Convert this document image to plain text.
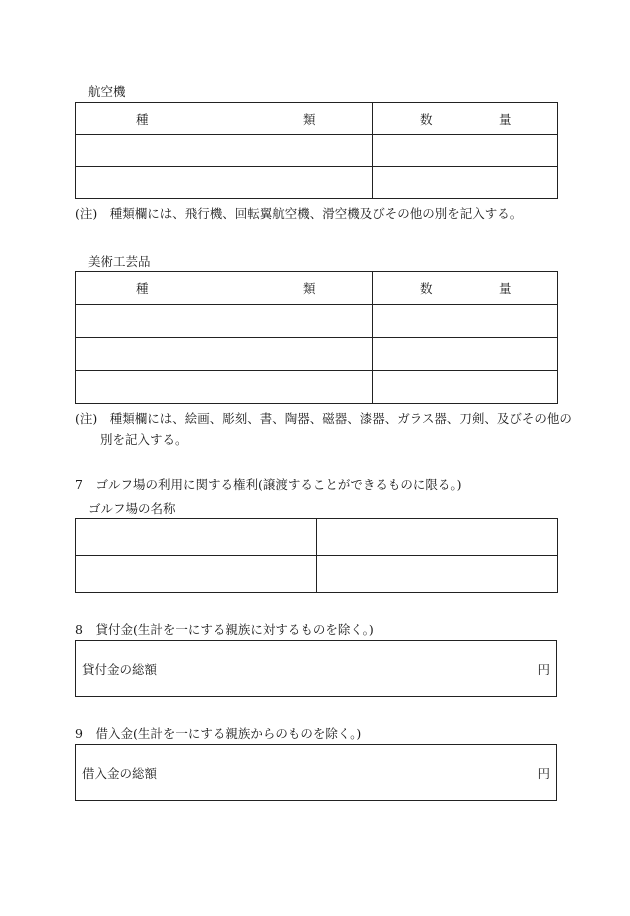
航空機
種 類	数 量

(注)　種類欄には、飛行機、回転翼航空機、滑空機及びその他の別を記入する。
美術工芸品
種 類	数 量

(注)　種類欄には、絵画、彫刻、書、陶器、磁器、漆器、ガラス器、刀剣、及びその他の
別を記入する。
7　ゴルフ場の利用に関する権利(譲渡することができるものに限る。)
ゴルフ場の名称

8　貸付金(生計を一にする親族に対するものを除く。)
貸付金の総額	円
9　借入金(生計を一にする親族からのものを除く。)
借入金の総額	円
